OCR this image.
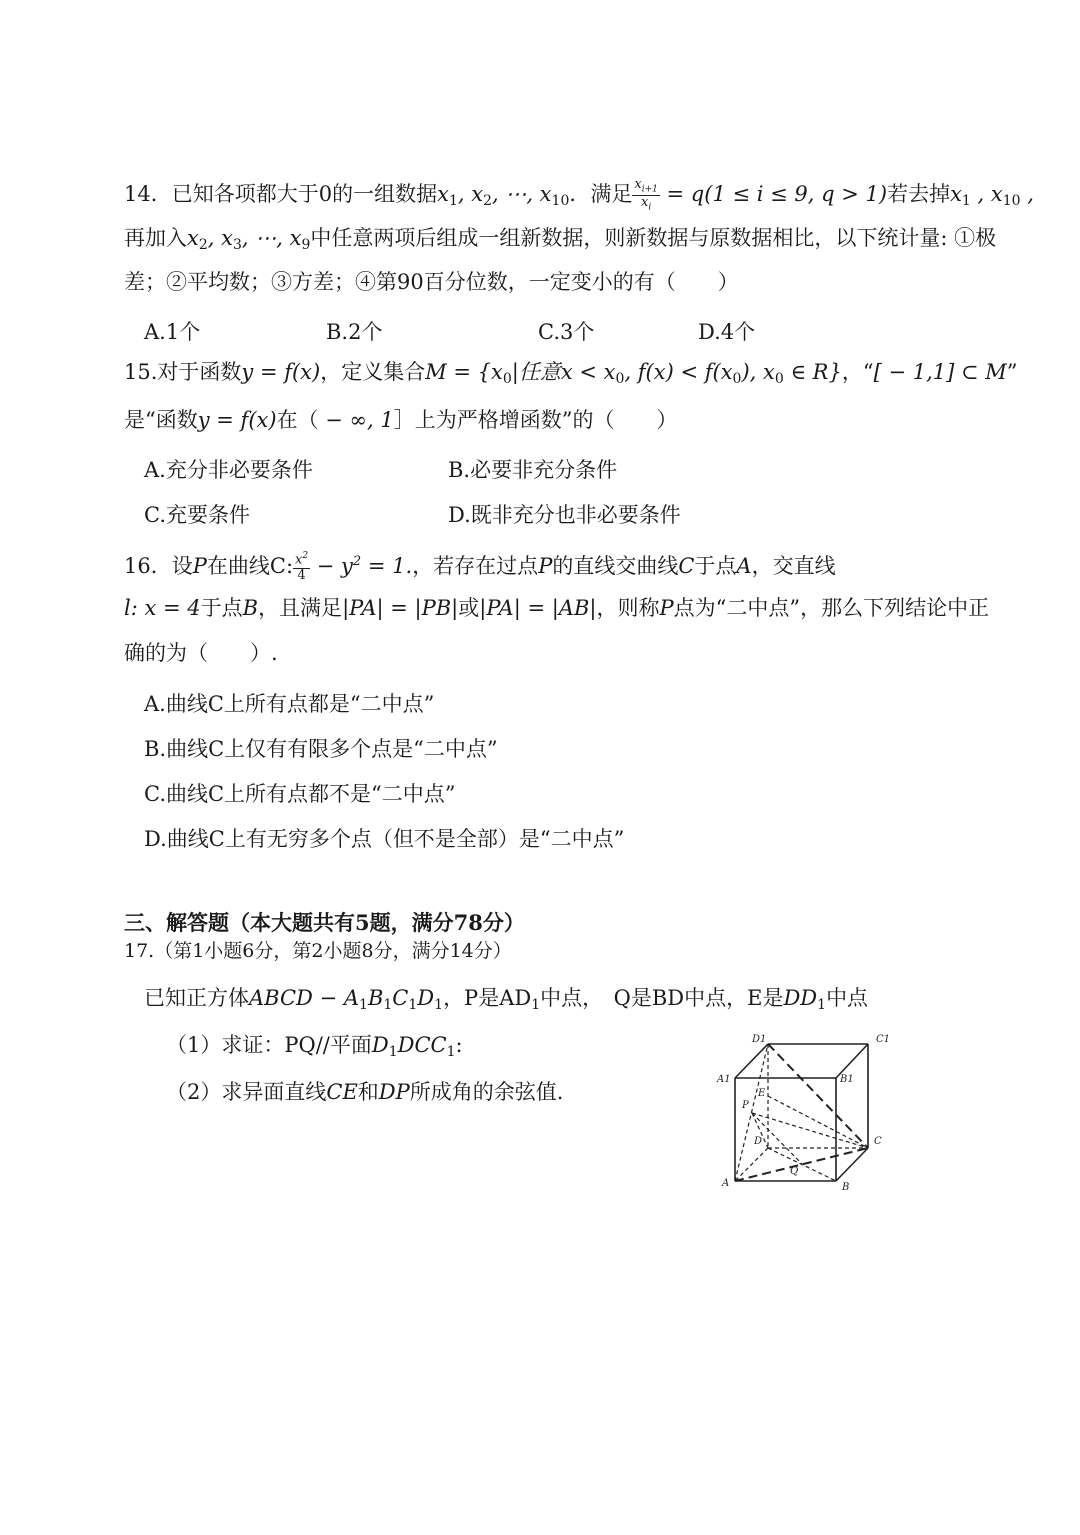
14．已知各项都大于0的一组数据x1, x2, ⋯, x10．满足 $\frac{x_{i+1}}{x_i} = q(1 \le i \le 9$, q > 1)若去掉x1 , x10 ,
再加入x2, x3, ⋯, x9中任意两项后组成一组新数据，则新数据与原数据相比，以下统计量: ①极
差；②平均数；③方差；④第90百分位数，一定变小的有（　　）
A.1个	B.2个	C.3个	D.4个
15.对于函数y = f(x)，定义集合M = {x0|任意x < x0, f(x) < f(x0), x0 ∈ R}，“[ − 1,1] ⊂ M”
是“函数y = f(x)在（ − ∞, 1］上为严格增函数”的（　　）
A.充分非必要条件	B.必要非充分条件
C.充要条件	D.既非充分也非必要条件
16．设P在曲线C: $\frac{x^2}{4} - y^2 = 1$.，若存在过点P的直线交曲线C于点A，交直线
l: x = 4于点B，且满足|PA| = |PB|或|PA| = |AB|，则称P点为“二中点”，那么下列结论中正
确的为（　　）.
A.曲线C上所有点都是“二中点”
B.曲线C上仅有有限多个点是“二中点”
C.曲线C上所有点都不是“二中点”
D.曲线C上有无穷多个点（但不是全部）是“二中点”
三、解答题（本大题共有5题，满分78分）
17.（第1小题6分，第2小题8分，满分14分）
已知正方体ABCD − A1B1C1D1，P是AD1中点，　Q是BD中点，E是DD1中点
（1）求证：PQ//平面D1DCC1:
（2）求异面直线CE和DP所成角的余弦值.
D1	C1
A1	B1
P
E
D	C
Q
A	B
